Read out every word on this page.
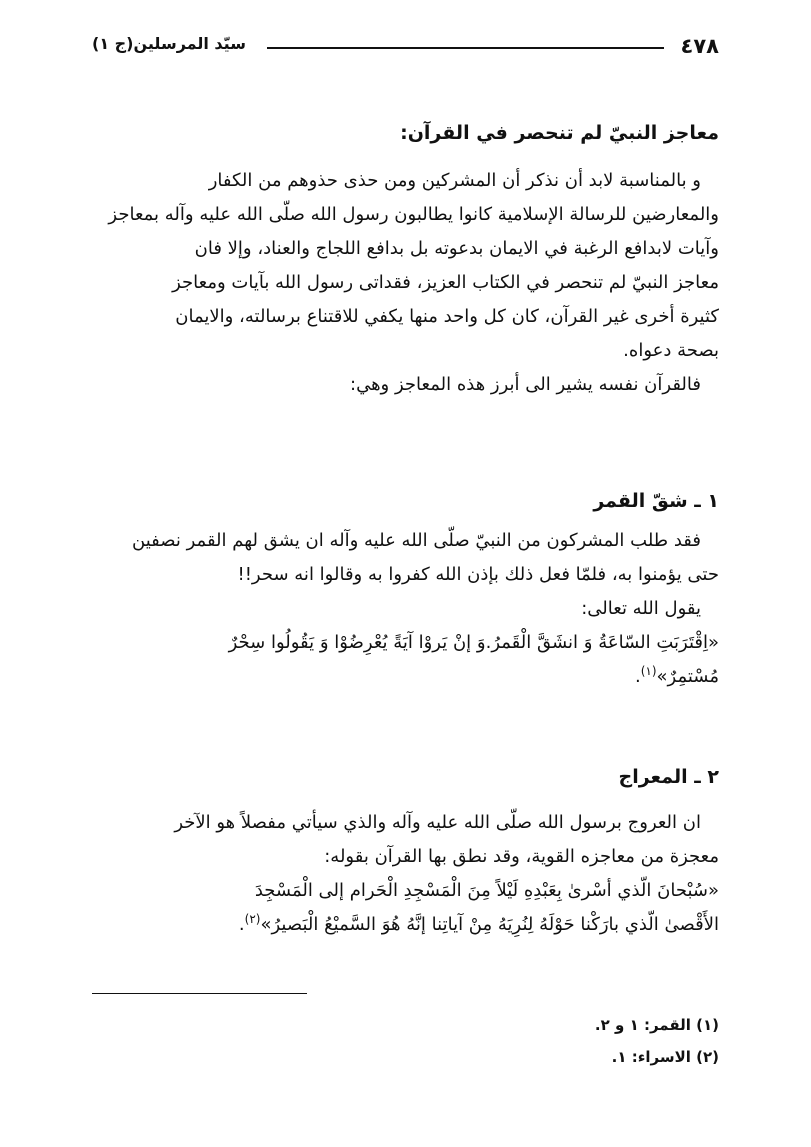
٤٧٨
سيّد المرسلين(ج ١)
معاجز النبيّ لم تنحصر في القرآن:
و بالمناسبة لابد أن نذكر أن المشركين ومن حذى حذوهم من الكفار
والمعارضين للرسالة الإسلامية كانوا يطالبون رسول الله صلّى الله عليه وآله بمعاجز
وآيات لابدافع الرغبة في الايمان بدعوته بل بدافع اللجاج والعناد، وإلا فان
معاجز النبيّ لم تنحصر في الكتاب العزيز، فقداتى رسول الله بآيات ومعاجز
كثيرة أخرى غير القرآن، كان كل واحد منها يكفي للاقتناع برسالته، والايمان
بصحة دعواه.
فالقرآن نفسه يشير الى أبرز هذه المعاجز وهي:
١ ـ شقّ القمر
فقد طلب المشركون من النبيّ صلّى الله عليه وآله ان يشق لهم القمر نصفين
حتى يؤمنوا به، فلمّا فعل ذلك بإذن الله كفروا به وقالوا انه سحر!!
يقول الله تعالى:
«اِقْتَرَبَتِ السّاعَةُ وَ انشَقَّ الْقَمرُ.وَ إنْ يَروْا آيَةً يُعْرِضُوْا وَ يَقُولُوا سِحْرٌ
مُسْتمِرٌ»$^{(١)}$.
٢ ـ المعراج
ان العروج برسول الله صلّى الله عليه وآله والذي سيأتي مفصلاً هو الآخر
معجزة من معاجزه القوية، وقد نطق بها القرآن بقوله:
«سُبْحانَ الّذي أسْرىٰ بِعَبْدِهِ لَيْلاً مِنَ الْمَسْجِدِ الْحَرام إلى الْمَسْجِدَ
الأَقْصىٰ الّذي بارَكْنا حَوْلَهُ لِنُرِيَهُ مِنْ آياتِنا إنَّهُ هُوَ السَّميْعُ الْبَصيرُ»$^{(٢)}$.
(١) القمر: ١ و ٢.
(٢) الاسراء: ١.
